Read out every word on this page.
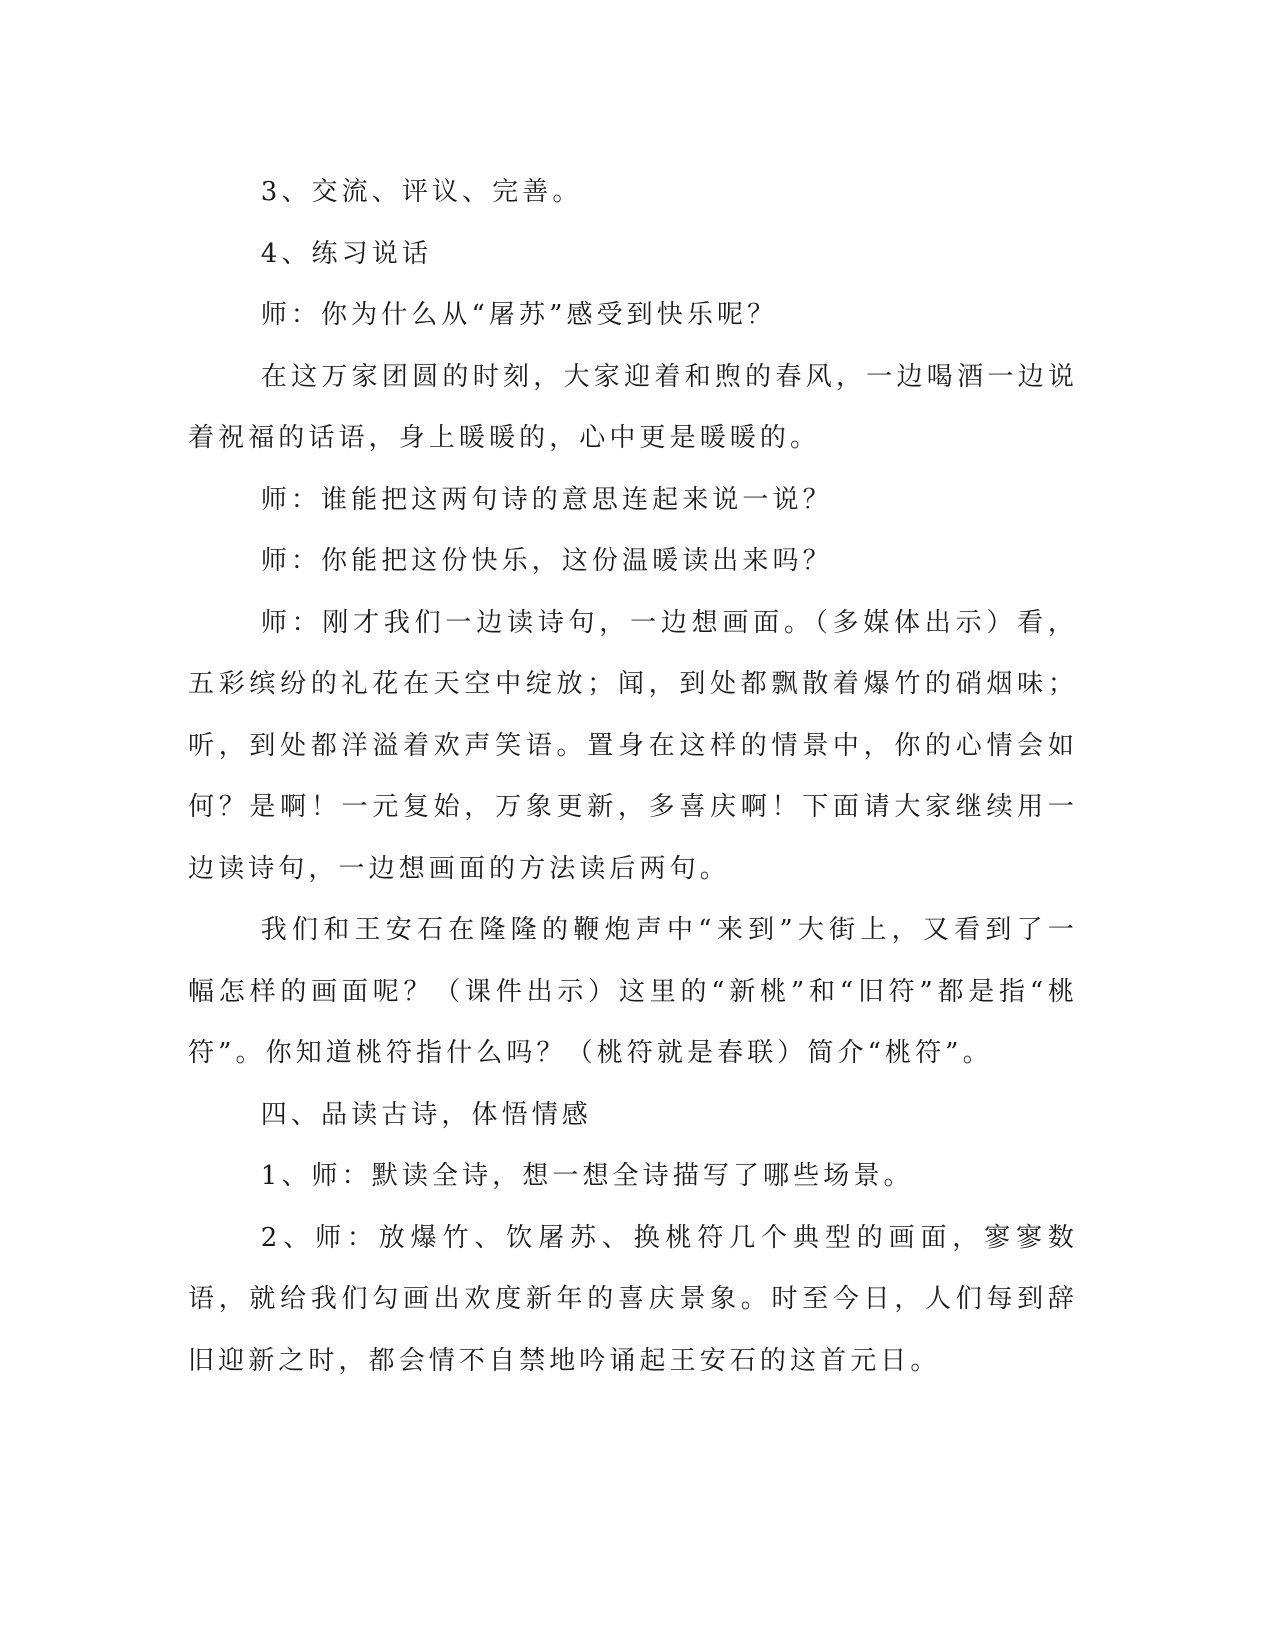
3、交流、评议、完善。

4、练习说话

师：你为什么从“屠苏”感受到快乐呢？

在这万家团圆的时刻，大家迎着和煦的春风，一边喝酒一边说着祝福的话语，身上暖暖的，心中更是暖暖的。

师：谁能把这两句诗的意思连起来说一说？

师：你能把这份快乐，这份温暖读出来吗？

师：刚才我们一边读诗句，一边想画面。（多媒体出示）看，五彩缤纷的礼花在天空中绽放；闻，到处都飘散着爆竹的硝烟味；听，到处都洋溢着欢声笑语。置身在这样的情景中，你的心情会如何？是啊！一元复始，万象更新，多喜庆啊！下面请大家继续用一边读诗句，一边想画面的方法读后两句。

我们和王安石在隆隆的鞭炮声中“来到”大街上，又看到了一幅怎样的画面呢？（课件出示）这里的“新桃”和“旧符”都是指“桃符”。你知道桃符指什么吗？（桃符就是春联）简介“桃符”。

四、品读古诗，体悟情感

1、师：默读全诗，想一想全诗描写了哪些场景。

2、师：放爆竹、饮屠苏、换桃符几个典型的画面，寥寥数语，就给我们勾画出欢度新年的喜庆景象。时至今日，人们每到辞旧迎新之时，都会情不自禁地吟诵起王安石的这首元日。
